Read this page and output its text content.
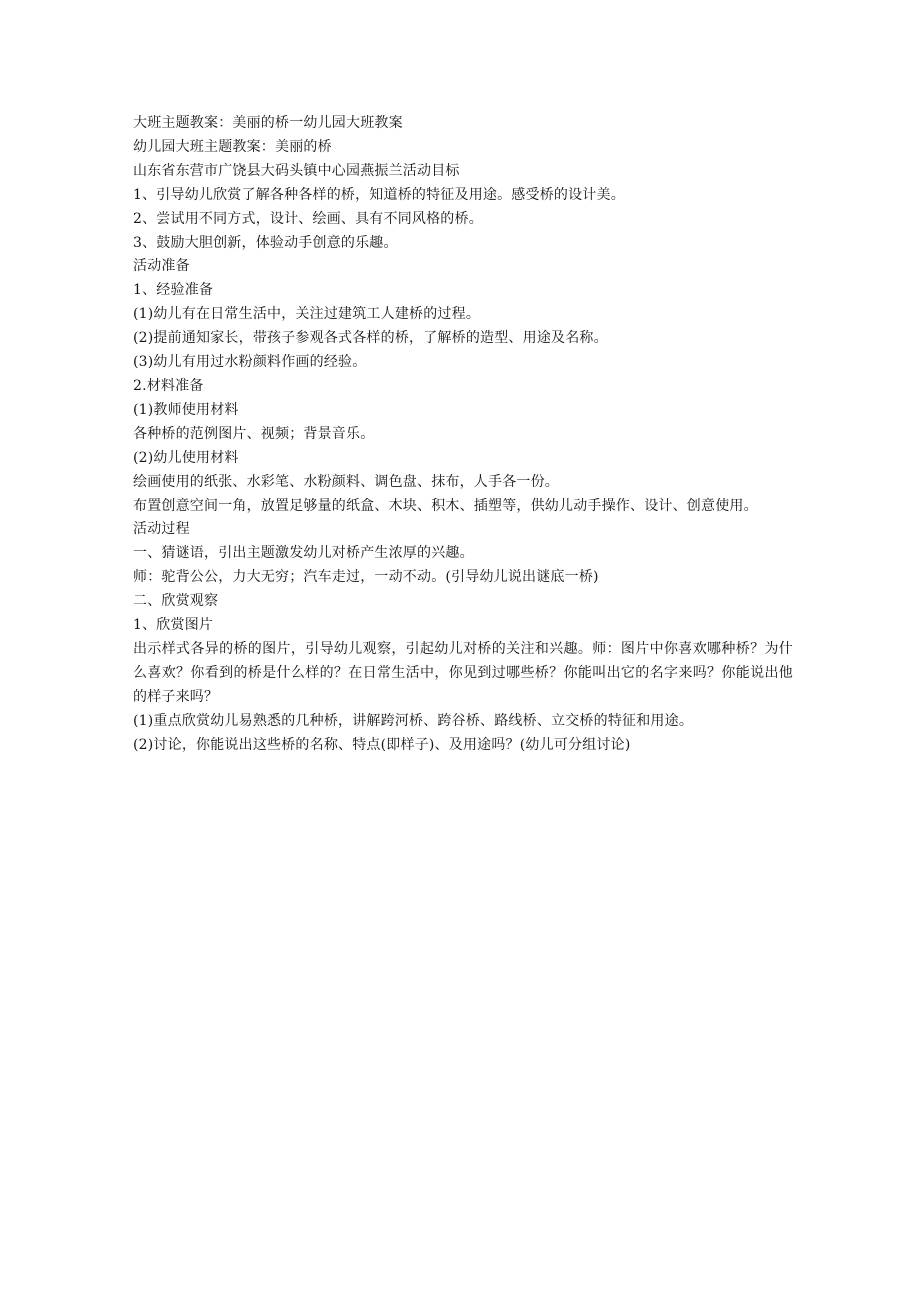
大班主题教案：美丽的桥一幼儿园大班教案

幼儿园大班主题教案：美丽的桥

山东省东营市广饶县大码头镇中心园燕振兰活动目标

1、引导幼儿欣赏了解各种各样的桥，知道桥的特征及用途。感受桥的设计美。

2、尝试用不同方式，设计、绘画、具有不同风格的桥。

3、鼓励大胆创新，体验动手创意的乐趣。

活动准备

1、经验准备

(1)幼儿有在日常生活中，关注过建筑工人建桥的过程。

(2)提前通知家长，带孩子参观各式各样的桥，了解桥的造型、用途及名称。

(3)幼儿有用过水粉颜料作画的经验。

2.材料准备

(1)教师使用材料

各种桥的范例图片、视频；背景音乐。

(2)幼儿使用材料

绘画使用的纸张、水彩笔、水粉颜料、调色盘、抹布，人手各一份。

布置创意空间一角，放置足够量的纸盒、木块、积木、插塑等，供幼儿动手操作、设计、创意使用。

活动过程

一、猜谜语，引出主题激发幼儿对桥产生浓厚的兴趣。

师：驼背公公，力大无穷；汽车走过，一动不动。(引导幼儿说出谜底一桥)

二、欣赏观察

1、欣赏图片

出示样式各异的桥的图片，引导幼儿观察，引起幼儿对桥的关注和兴趣。师：图片中你喜欢哪种桥？为什么喜欢？你看到的桥是什么样的？在日常生活中，你见到过哪些桥？你能叫出它的名字来吗？你能说出他的样子来吗？

(1)重点欣赏幼儿易熟悉的几种桥，讲解跨河桥、跨谷桥、路线桥、立交桥的特征和用途。

(2)讨论，你能说出这些桥的名称、特点(即样子)、及用途吗？(幼儿可分组讨论)
